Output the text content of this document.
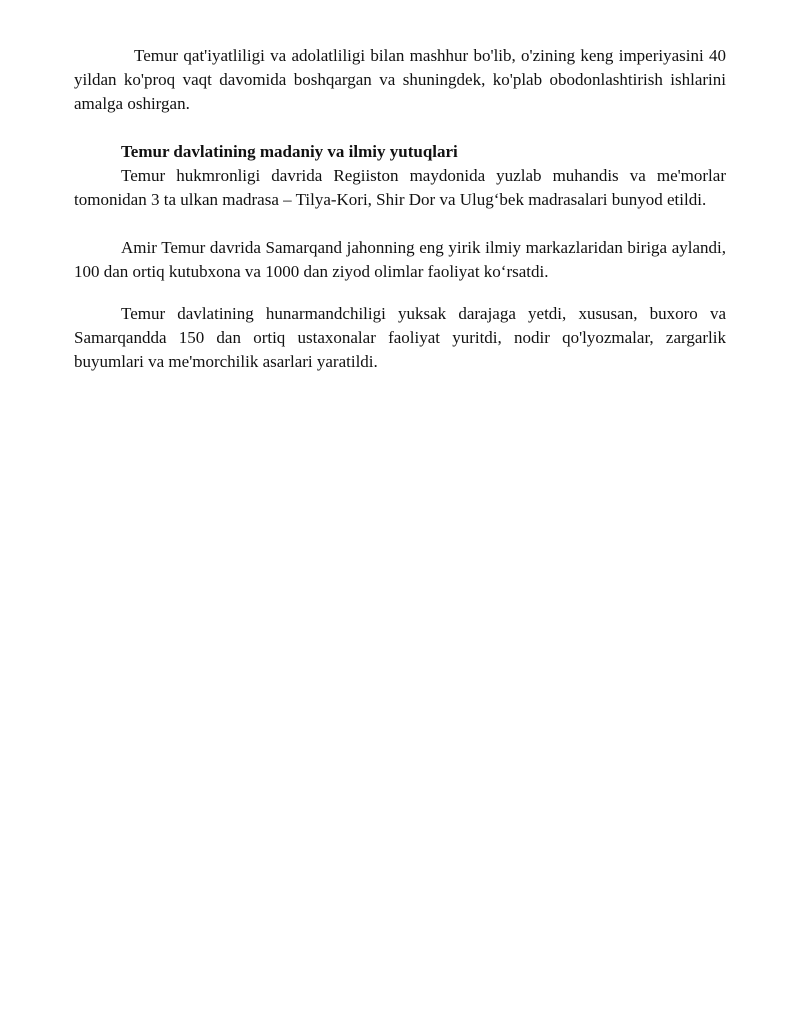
Temur qat'iyatliligi va adolatliligi bilan mashhur bo'lib, o'zining keng imperiyasini 40 yildan ko'proq vaqt davomida boshqargan va shuningdek, ko'plab obodonlashtirish ishlarini amalga oshirgan.

Temur davlatining madaniy va ilmiy yutuqlari

Temur hukmronligi davrida Regiiston maydonida yuzlab muhandis va me'morlar tomonidan 3 ta ulkan madrasa – Tilya-Kori, Shir Dor va Ulug‘bek madrasalari bunyod etildi.

Amir Temur davrida Samarqand jahonning eng yirik ilmiy markazlaridan biriga aylandi, 100 dan ortiq kutubxona va 1000 dan ziyod olimlar faoliyat ko‘rsatdi.

Temur davlatining hunarmandchiligi yuksak darajaga yetdi, xususan, buxoro va Samarqandda 150 dan ortiq ustaxonalar faoliyat yuritdi, nodir qo'lyozmalar, zargarlik buyumlari va me'morchilik asarlari yaratildi.
